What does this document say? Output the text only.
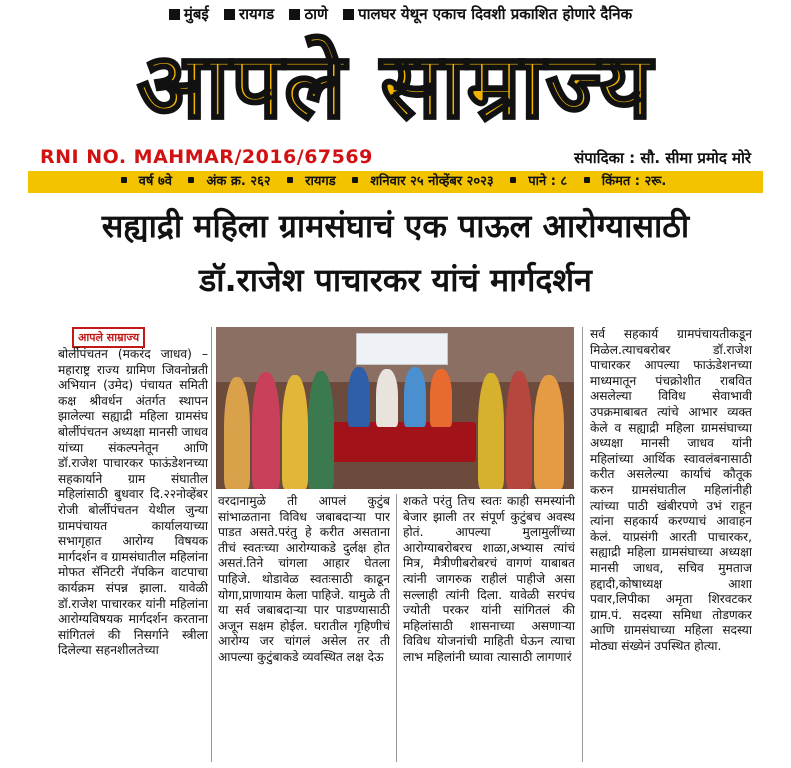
मुंबई रायगड ठाणे पालघर येथून एकाच दिवशी प्रकाशित होणारे दैनिक
आपले साम्राज्य
RNI NO. MAHMAR/2016/67569	संपादिका : सौ. सीमा प्रमोद मोरे
वर्ष ७वे	अंक क्र. २६२	रायगड	शनिवार २५ नोव्हेंबर २०२३	पाने : ८	किंमत : २रू.
सह्याद्री महिला ग्रामसंघाचं एक पाऊल आरोग्यासाठी
डॉ.राजेश पाचारकर यांचं मार्गदर्शन
आपले साम्राज्य

बोर्लीपंचतन (मकरंद जाधव) – महाराष्ट्र राज्य ग्रामिण जिवनोन्नती अभियान (उमेद) पंचायत समिती कक्ष श्रीवर्धन अंतर्गत स्थापन झालेल्या सह्याद्री महिला ग्रामसंघ बोर्लीपंचतन अध्यक्षा मानसी जाधव यांच्या संकल्पनेतून आणि डॉ.राजेश पाचारकर फाऊंडेशनच्या सहकार्याने ग्राम संघातील महिलांसाठी बुधवार दि.२२नोव्हेंबर रोजी बोर्लीपंचतन येथील जुन्या ग्रामपंचायत कार्यालयाच्या सभागृहात आरोग्य विषयक मार्गदर्शन व ग्रामसंघातील महिलांना मोफत सॅनिटरी नॅपकिन वाटपाचा कार्यक्रम संपन्न झाला. यावेळी डॉ.राजेश पाचारकर यांनी महिलांना आरोग्यविषयक मार्गदर्शन करताना सांगितलं की निसर्गाने स्त्रीला दिलेल्या सहनशीलतेच्या

वरदानामुळे ती आपलं कुटुंब सांभाळताना विविध जबाबदाऱ्या पार पाडत असते.परंतु हे करीत असताना तीचं स्वतःच्या आरोग्याकडे दुर्लक्ष होत असतं.तिने चांगला आहार घेतला पाहिजे. थोडावेळ स्वतःसाठी काढून योगा,प्राणायाम केला पाहिजे. यामुळे ती या सर्व जबाबदाऱ्या पार पाडण्यासाठी अजून सक्षम होईल. घरातील गृहिणीचं आरोग्य जर चांगलं असेल तर ती आपल्या कुटुंबाकडे व्यवस्थित लक्ष देऊ

शकते परंतु तिच स्वतः काही समस्यांनी बेजार झाली तर संपूर्ण कुटुंबच अवस्थ होतं. आपल्या मुलामुलींच्या आरोग्याबरोबरच शाळा,अभ्यास त्यांचं मित्र, मैत्रीणीबरोबरचं वागणं याबाबत त्यांनी जागरुक राहीलं पाहीजे असा सल्लाही त्यांनी दिला. यावेळी सरपंच ज्योती परकर यांनी सांगितलं की महिलांसाठी शासनाच्या असणाऱ्या विविध योजनांची माहिती घेऊन त्याचा लाभ महिलांनी घ्यावा त्यासाठी लागणारं

सर्व सहकार्य ग्रामपंचायतीकडून मिळेल.त्याचबरोबर डॉ.राजेश पाचारकर आपल्या फाऊंडेशनच्या माध्यमातून पंचक्रोशीत राबवित असलेल्या विविध सेवाभावी उपक्रमाबाबत त्यांचे आभार व्यक्त केले व सह्याद्री महिला ग्रामसंघाच्या अध्यक्षा मानसी जाधव यांनी महिलांच्या आर्थिक स्वावलंबनासाठी करीत असलेल्या कार्याचं कौतूक करुन ग्रामसंघातील महिलांनीही त्यांच्या पाठी खंबीरपणे उभं राहून त्यांना सहकार्य करण्याचं आवाहन केलं. याप्रसंगी आरती पाचारकर, सह्याद्री महिला ग्रामसंघाच्या अध्यक्षा मानसी जाधव, सचिव मुमताज हद्दादी,कोषाध्यक्ष आशा पवार,लिपीका अमृता शिरवटकर ग्राम.पं. सदस्या समिधा तोडणकर आणि ग्रामसंघाच्या महिला सदस्या मोठ्या संख्येनं उपस्थित होत्या.
